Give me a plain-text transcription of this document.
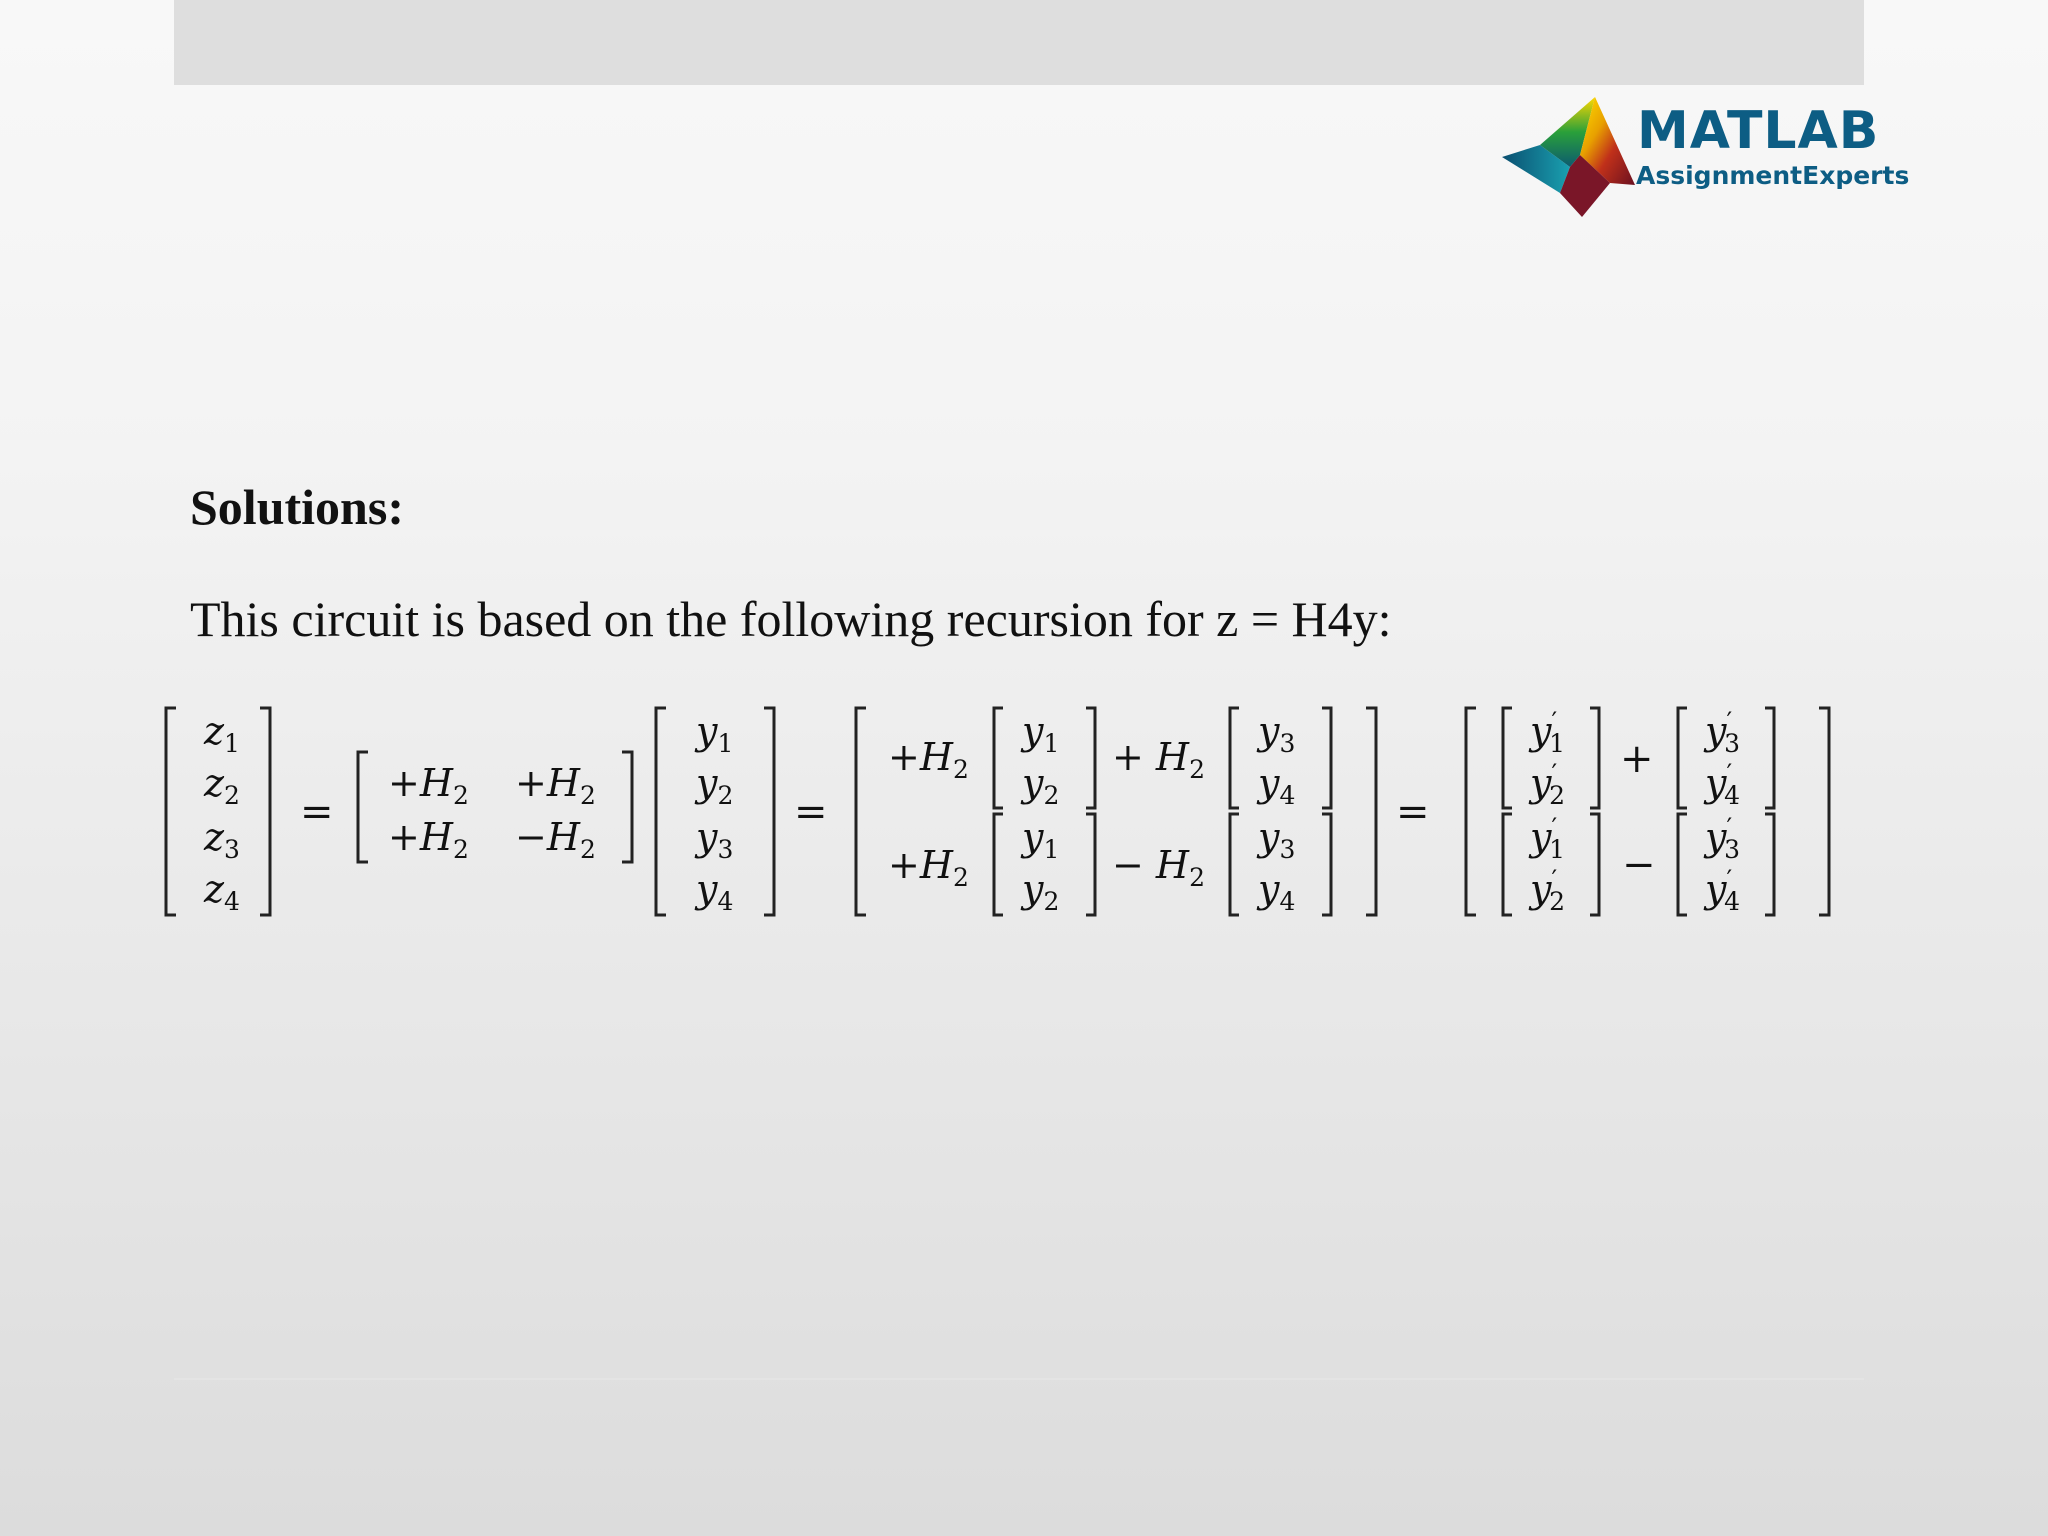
MATLAB
AssignmentExperts
Solutions:
This circuit is based on the following recursion for z = H4y:
$z_1$
$z_2$
$z_3$
$z_4$
=
$+H_2 +H_2$
$+H_2 -H_2$
$y_1$
$y_2$
$y_3$
$y_4$
=
$+H_2$
$y_1$
$y_2$
+ $H_2$
$y_3$
$y_4$
$+H_2$
$y_1$
$y_2$
− $H_2$
$y_3$
$y_4$
=
y′ 1
y′ 2
y′ 3
y′ 4
y′ 1
y′ 2
y′ 3
y′ 4
+
−
